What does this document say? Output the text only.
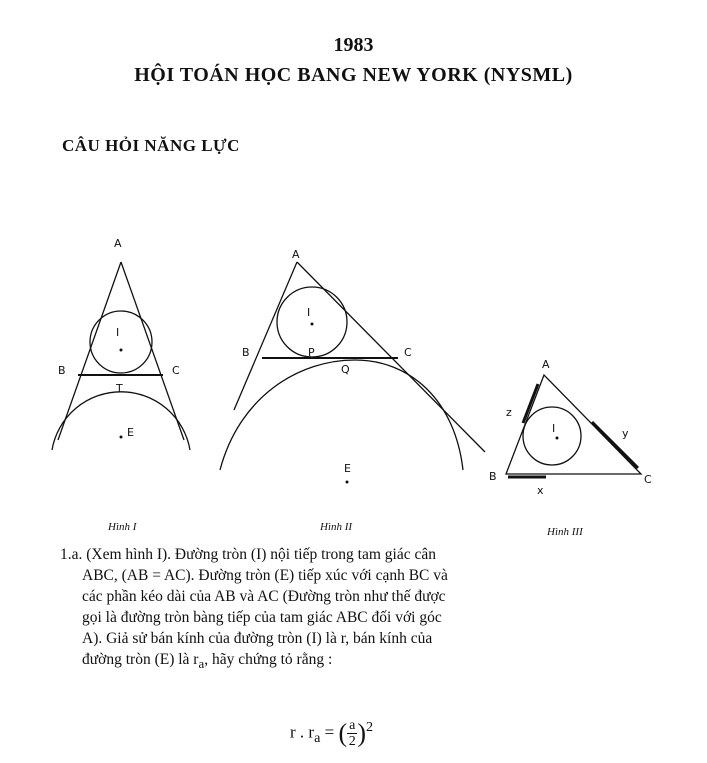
1983
HỘI TOÁN HỌC BANG NEW YORK (NYSML)
CÂU HỎI NĂNG LỰC
A
B	C
T
I
E
A
B	C
P
Q
I
E
A
B	C
I
x
y
z
Hình I	Hình II	Hình III
1.a. (Xem hình I). Đường tròn (I) nội tiếp trong tam giác cân
ABC, (AB = AC). Đường tròn (E) tiếp xúc với cạnh BC và
các phần kéo dài của AB và AC (Đường tròn như thế được
gọi là đường tròn bàng tiếp của tam giác ABC đối với góc
A). Giả sử bán kính của đường tròn (I) là r, bán kính của
đường tròn (E) là $r_a$, hãy chứng tỏ rằng :
r . $r_a$ = ( $\frac{a}{2} )^2$
